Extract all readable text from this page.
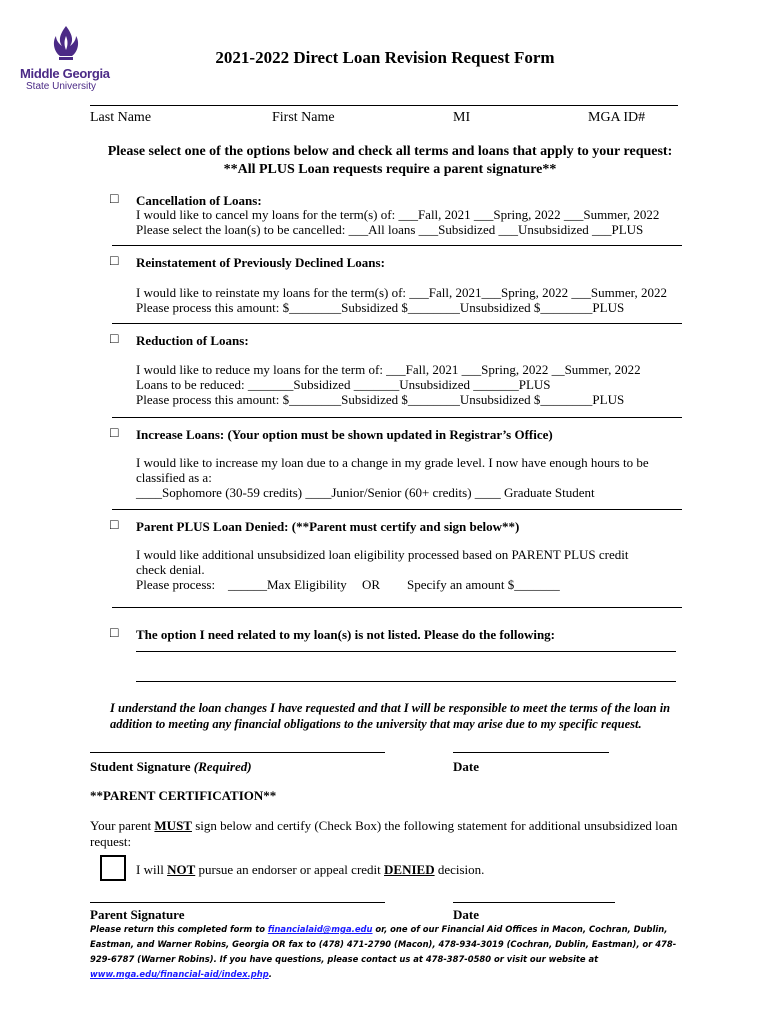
Middle Georgia
State University
2021-2022 Direct Loan Revision Request Form
Last Name	First Name	MI	MGA ID#
Please select one of the options below and check all terms and loans that apply to your request:
**All PLUS Loan requests require a parent signature**
□ Cancellation of Loans:
I would like to cancel my loans for the term(s) of: ___Fall, 2021 ___Spring, 2022 ___Summer, 2022
Please select the loan(s) to be cancelled: ___All loans ___Subsidized ___Unsubsidized ___PLUS
□ Reinstatement of Previously Declined Loans:
I would like to reinstate my loans for the term(s) of: ___Fall, 2021___Spring, 2022 ___Summer, 2022
Please process this amount: $________Subsidized $________Unsubsidized $________PLUS
□ Reduction of Loans:
I would like to reduce my loans for the term of: ___Fall, 2021 ___Spring, 2022 __Summer, 2022
Loans to be reduced: _______Subsidized _______Unsubsidized _______PLUS
Please process this amount: $________Subsidized $________Unsubsidized $________PLUS
□ Increase Loans: (Your option must be shown updated in Registrar’s Office)
I would like to increase my loan due to a change in my grade level. I now have enough hours to be classified as a:
____Sophomore (30-59 credits) ____Junior/Senior (60+ credits) ____ Graduate Student
□ Parent PLUS Loan Denied: (**Parent must certify and sign below**)
I would like additional unsubsidized loan eligibility processed based on PARENT PLUS credit check denial.
Please process: ______Max Eligibility OR Specify an amount $_______
□ The option I need related to my loan(s) is not listed. Please do the following:
I understand the loan changes I have requested and that I will be responsible to meet the terms of the loan in addition to meeting any financial obligations to the university that may arise due to my specific request.
Student Signature (Required)	Date
**PARENT CERTIFICATION**
Your parent MUST sign below and certify (Check Box) the following statement for additional unsubsidized loan request:
I will NOT pursue an endorser or appeal credit DENIED decision.
Parent Signature	Date
Please return this completed form to financialaid@mga.edu or, one of our Financial Aid Offices in Macon, Cochran, Dublin, Eastman, and Warner Robins, Georgia OR fax to (478) 471-2790 (Macon), 478-934-3019 (Cochran, Dublin, Eastman), or 478-929-6787 (Warner Robins). If you have questions, please contact us at 478-387-0580 or visit our website at www.mga.edu/financial-aid/index.php.
